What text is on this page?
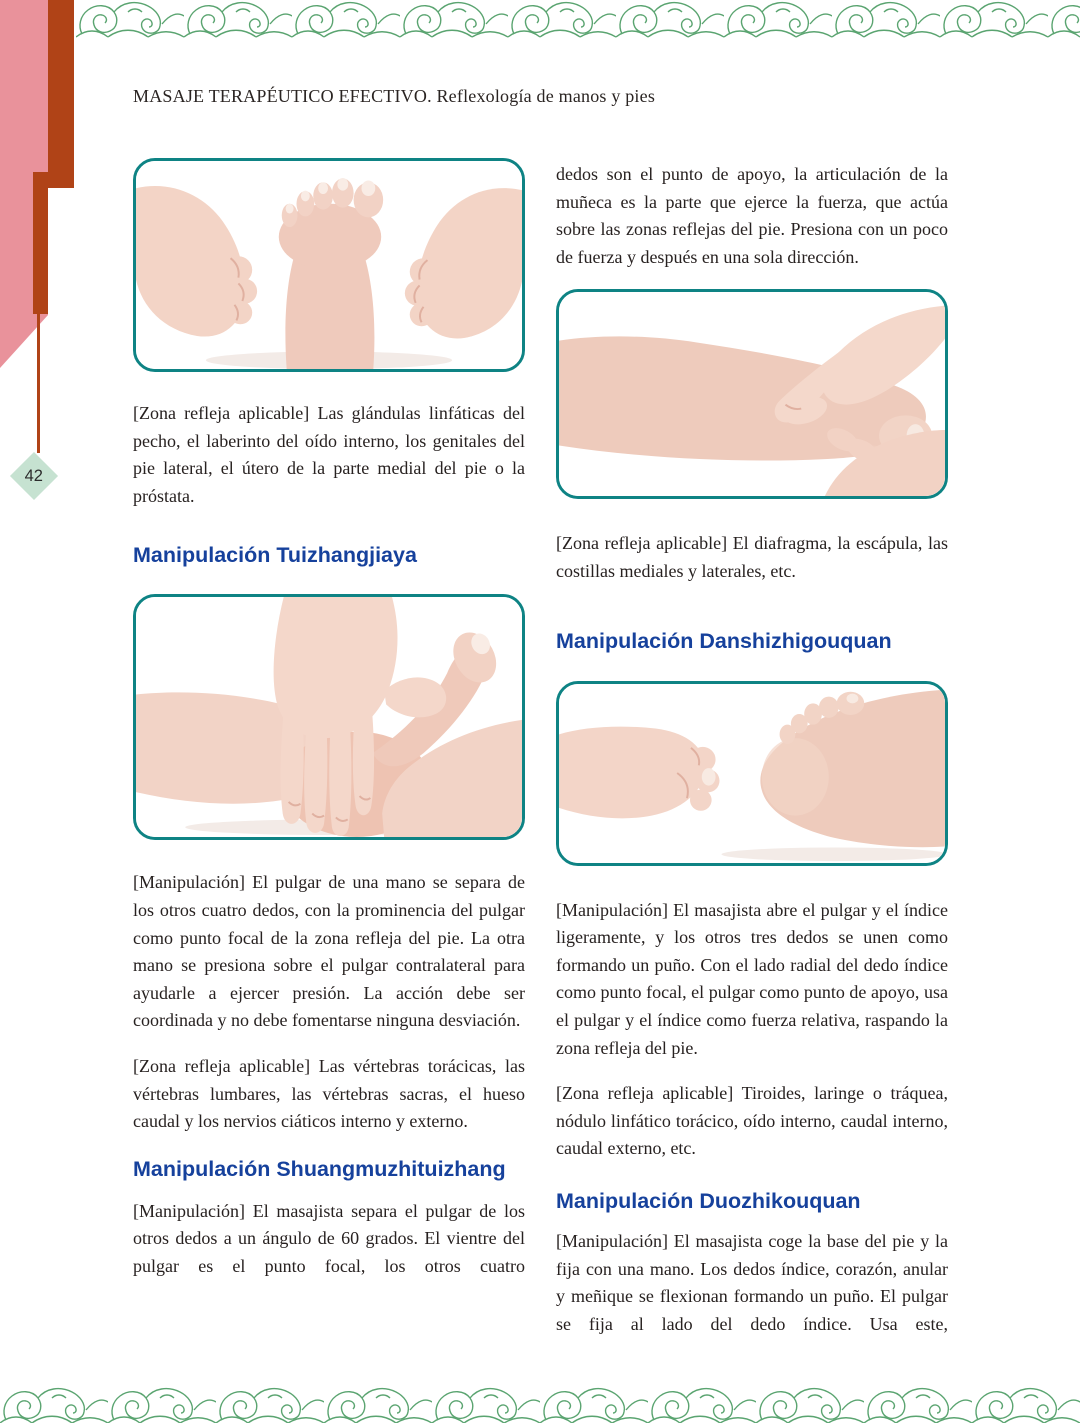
42
MASAJE TERAPÉUTICO EFECTIVO. Reflexología de manos y pies

[Zona refleja aplicable] Las glándulas linfáticas del pecho, el laberinto del oído interno, los genitales del pie lateral, el útero de la parte medial del pie o la próstata.

Manipulación Tuizhangjiaya

[Manipulación] El pulgar de una mano se separa de los otros cuatro dedos, con la prominencia del pulgar como punto focal de la zona refleja del pie. La otra mano se presiona sobre el pulgar contralateral para ayudarle a ejercer presión. La acción debe ser coordinada y no debe fomentarse ninguna desviación.

[Zona refleja aplicable] Las vértebras torácicas, las vértebras lumbares, las vértebras sacras, el hueso caudal y los nervios ciáticos interno y externo.

Manipulación Shuangmuzhituizhang

[Manipulación] El masajista separa el pulgar de los otros dedos a un ángulo de 60 grados. El vientre del pulgar es el punto focal, los otros cuatro

dedos son el punto de apoyo, la articulación de la muñeca es la parte que ejerce la fuerza, que actúa sobre las zonas reflejas del pie. Presiona con un poco de fuerza y después en una sola dirección.

[Zona refleja aplicable] El diafragma, la escápula, las costillas mediales y laterales, etc.

Manipulación Danshizhigouquan

[Manipulación] El masajista abre el pulgar y el índice ligeramente, y los otros tres dedos se unen como formando un puño. Con el lado radial del dedo índice como punto focal, el pulgar como punto de apoyo, usa el pulgar y el índice como fuerza relativa, raspando la zona refleja del pie.

[Zona refleja aplicable] Tiroides, laringe o tráquea, nódulo linfático torácico, oído interno, caudal interno, caudal externo, etc.

Manipulación Duozhikouquan

[Manipulación] El masajista coge la base del pie y la fija con una mano. Los dedos índice, corazón, anular y meñique se flexionan formando un puño. El pulgar se fija al lado del dedo índice. Usa este,
